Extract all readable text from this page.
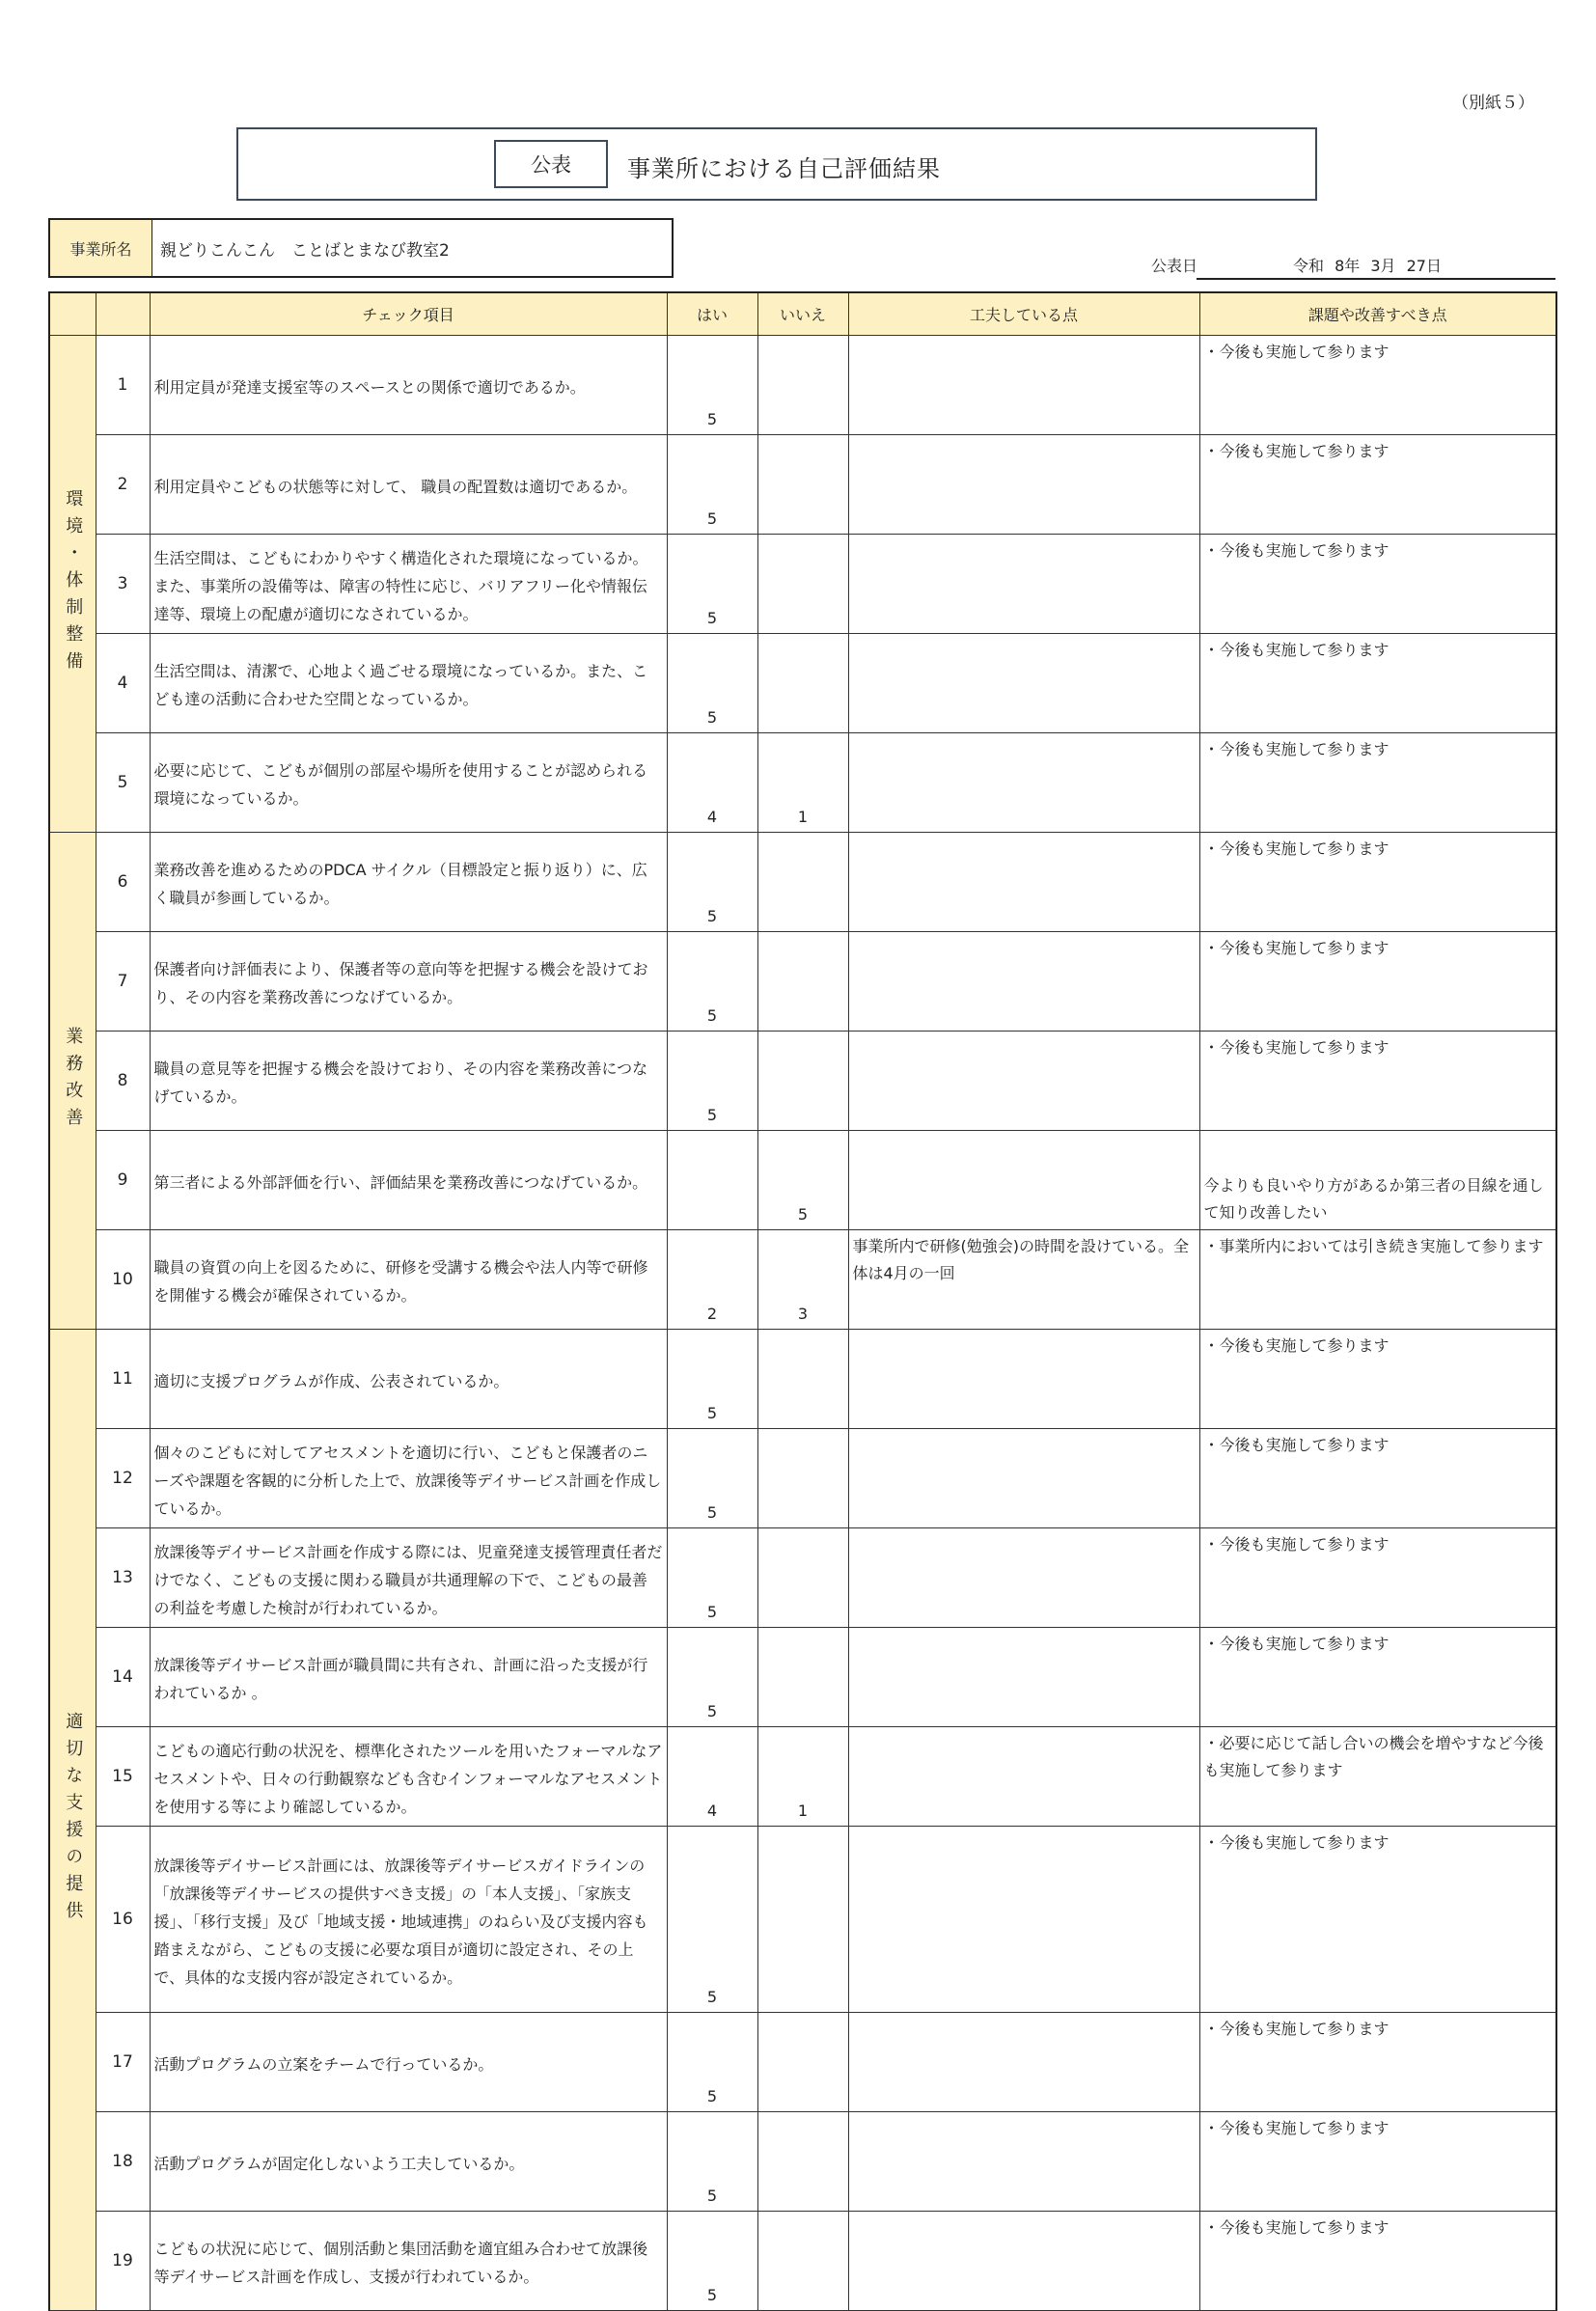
（別紙５）
公表	事業所における自己評価結果
事業所名	親どりこんこん　ことばとまなび教室2
公表日	令和 8年 3月 27日
		チェック項目	はい	いいえ	工夫している点	課題や改善すべき点
環境・体制整備	1	利用定員が発達支援室等のスペースとの関係で適切であるか。	5			・今後も実施して参ります
	2	利用定員やこどもの状態等に対して、 職員の配置数は適切であるか。	5			・今後も実施して参ります
	3	生活空間は、こどもにわかりやすく構造化された環境になっているか。また、事業所の設備等は、障害の特性に応じ、バリアフリー化や情報伝達等、環境上の配慮が適切になされているか。	5			・今後も実施して参ります
	4	生活空間は、清潔で、心地よく過ごせる環境になっているか。また、こども達の活動に合わせた空間となっているか。	5			・今後も実施して参ります
	5	必要に応じて、こどもが個別の部屋や場所を使用することが認められる環境になっているか。	4	1		・今後も実施して参ります
業務改善	6	業務改善を進めるためのPDCA サイクル（目標設定と振り返り）に、広く職員が参画しているか。	5			・今後も実施して参ります
	7	保護者向け評価表により、保護者等の意向等を把握する機会を設けており、その内容を業務改善につなげているか。	5			・今後も実施して参ります
	8	職員の意見等を把握する機会を設けており、その内容を業務改善につなげているか。	5			・今後も実施して参ります
	9	第三者による外部評価を行い、評価結果を業務改善につなげているか。		5		今よりも良いやり方があるか第三者の目線を通して知り改善したい
	10	職員の資質の向上を図るために、研修を受講する機会や法人内等で研修を開催する機会が確保されているか。	2	3	事業所内で研修(勉強会)の時間を設けている。全体は4月の一回	・事業所内においては引き続き実施して参ります
適切な支援の提供	11	適切に支援プログラムが作成、公表されているか。	5			・今後も実施して参ります
	12	個々のこどもに対してアセスメントを適切に行い、こどもと保護者のニーズや課題を客観的に分析した上で、放課後等デイサービス計画を作成しているか。	5			・今後も実施して参ります
	13	放課後等デイサービス計画を作成する際には、児童発達支援管理責任者だけでなく、こどもの支援に関わる職員が共通理解の下で、こどもの最善の利益を考慮した検討が行われているか。	5			・今後も実施して参ります
	14	放課後等デイサービス計画が職員間に共有され、計画に沿った支援が行われているか 。	5			・今後も実施して参ります
	15	こどもの適応行動の状況を、標準化されたツールを用いたフォーマルなアセスメントや、日々の行動観察なども含むインフォーマルなアセスメントを使用する等により確認しているか。	4	1		・必要に応じて話し合いの機会を増やすなど今後も実施して参ります
	16	放課後等デイサービス計画には、放課後等デイサービスガイドラインの「放課後等デイサービスの提供すべき支援」の「本人支援」、「家族支援」、「移行支援」及び「地域支援・地域連携」のねらい及び支援内容も踏まえながら、こどもの支援に必要な項目が適切に設定され、その上で、具体的な支援内容が設定されているか。	5			・今後も実施して参ります
	17	活動プログラムの立案をチームで行っているか。	5			・今後も実施して参ります
	18	活動プログラムが固定化しないよう工夫しているか。	5			・今後も実施して参ります
	19	こどもの状況に応じて、個別活動と集団活動を適宜組み合わせて放課後等デイサービス計画を作成し、支援が行われているか。	5			・今後も実施して参ります
